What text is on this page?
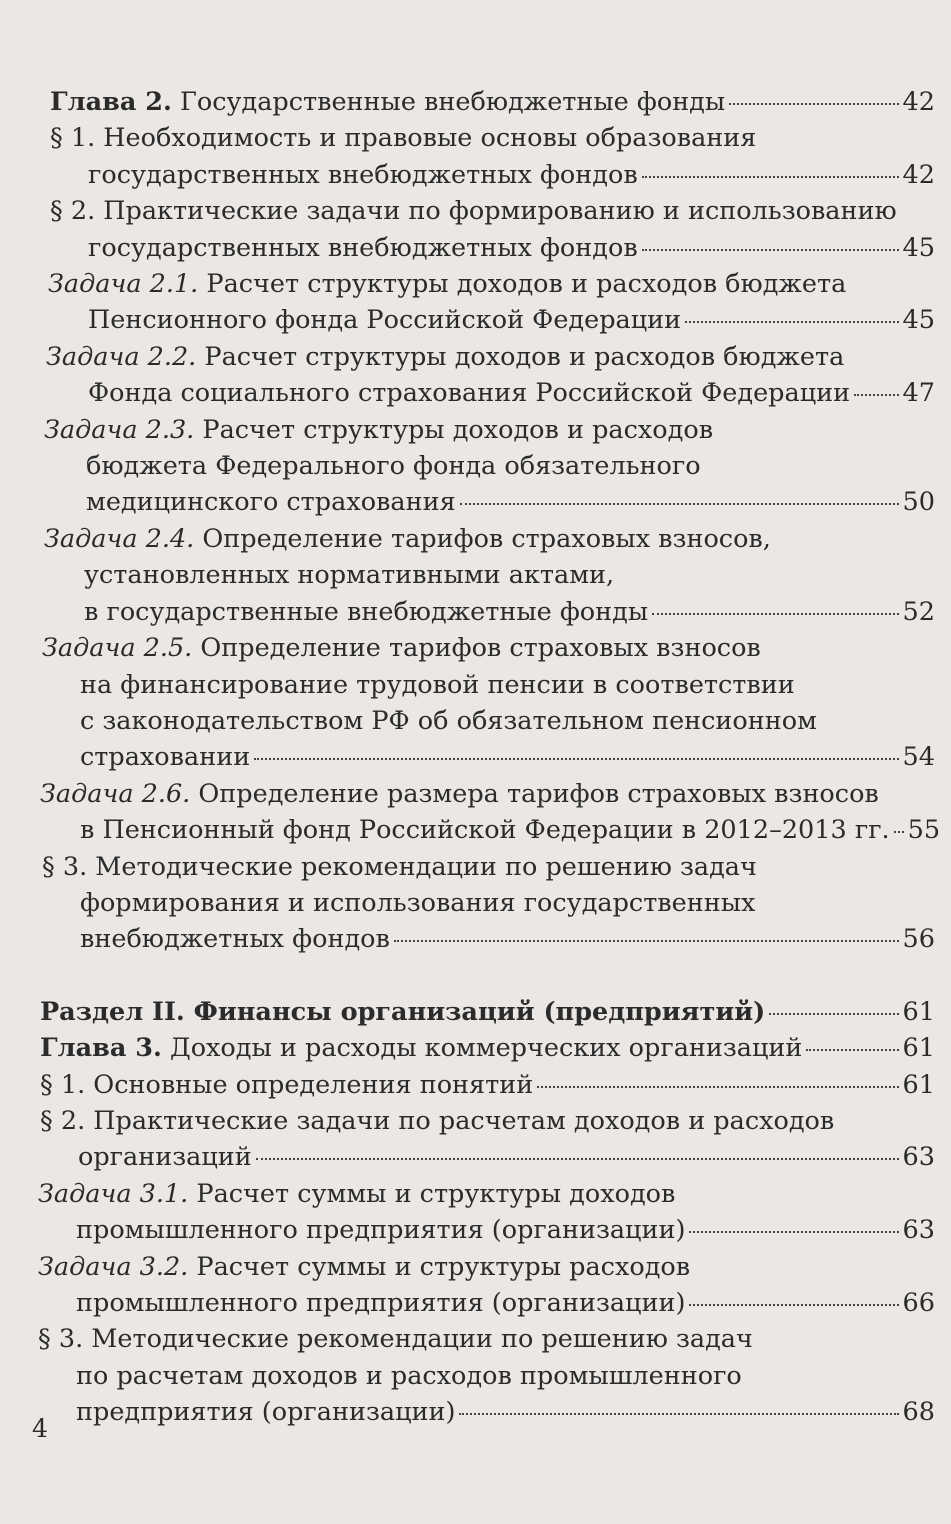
Глава 2. Государственные внебюджетные фонды	42
§ 1. Необходимость и правовые основы образования
государственных внебюджетных фондов	42
§ 2. Практические задачи по формированию и использованию
государственных внебюджетных фондов	45
Задача 2.1. Расчет структуры доходов и расходов бюджета
Пенсионного фонда Российской Федерации	45
Задача 2.2. Расчет структуры доходов и расходов бюджета
Фонда социального страхования Российской Федерации 47
Задача 2.3. Расчет структуры доходов и расходов
бюджета Федерального фонда обязательного
медицинского страхования	50
Задача 2.4. Определение тарифов страховых взносов,
установленных нормативными актами,
в государственные внебюджетные фонды	52
Задача 2.5. Определение тарифов страховых взносов
на финансирование трудовой пенсии в соответствии
с законодательством РФ об обязательном пенсионном
страховании	54
Задача 2.6. Определение размера тарифов страховых взносов
в Пенсионный фонд Российской Федерации в 2012–2013 гг. 55
§ 3. Методические рекомендации по решению задач
формирования и использования государственных
внебюджетных фондов	56
Раздел II. Финансы организаций (предприятий)	61
Глава 3. Доходы и расходы коммерческих организаций	61
§ 1. Основные определения понятий	61
§ 2. Практические задачи по расчетам доходов и расходов
организаций	63
Задача 3.1. Расчет суммы и структуры доходов
промышленного предприятия (организации)	63
Задача 3.2. Расчет суммы и структуры расходов
промышленного предприятия (организации)	66
§ 3. Методические рекомендации по решению задач
по расчетам доходов и расходов промышленного
предприятия (организации)	68
4
